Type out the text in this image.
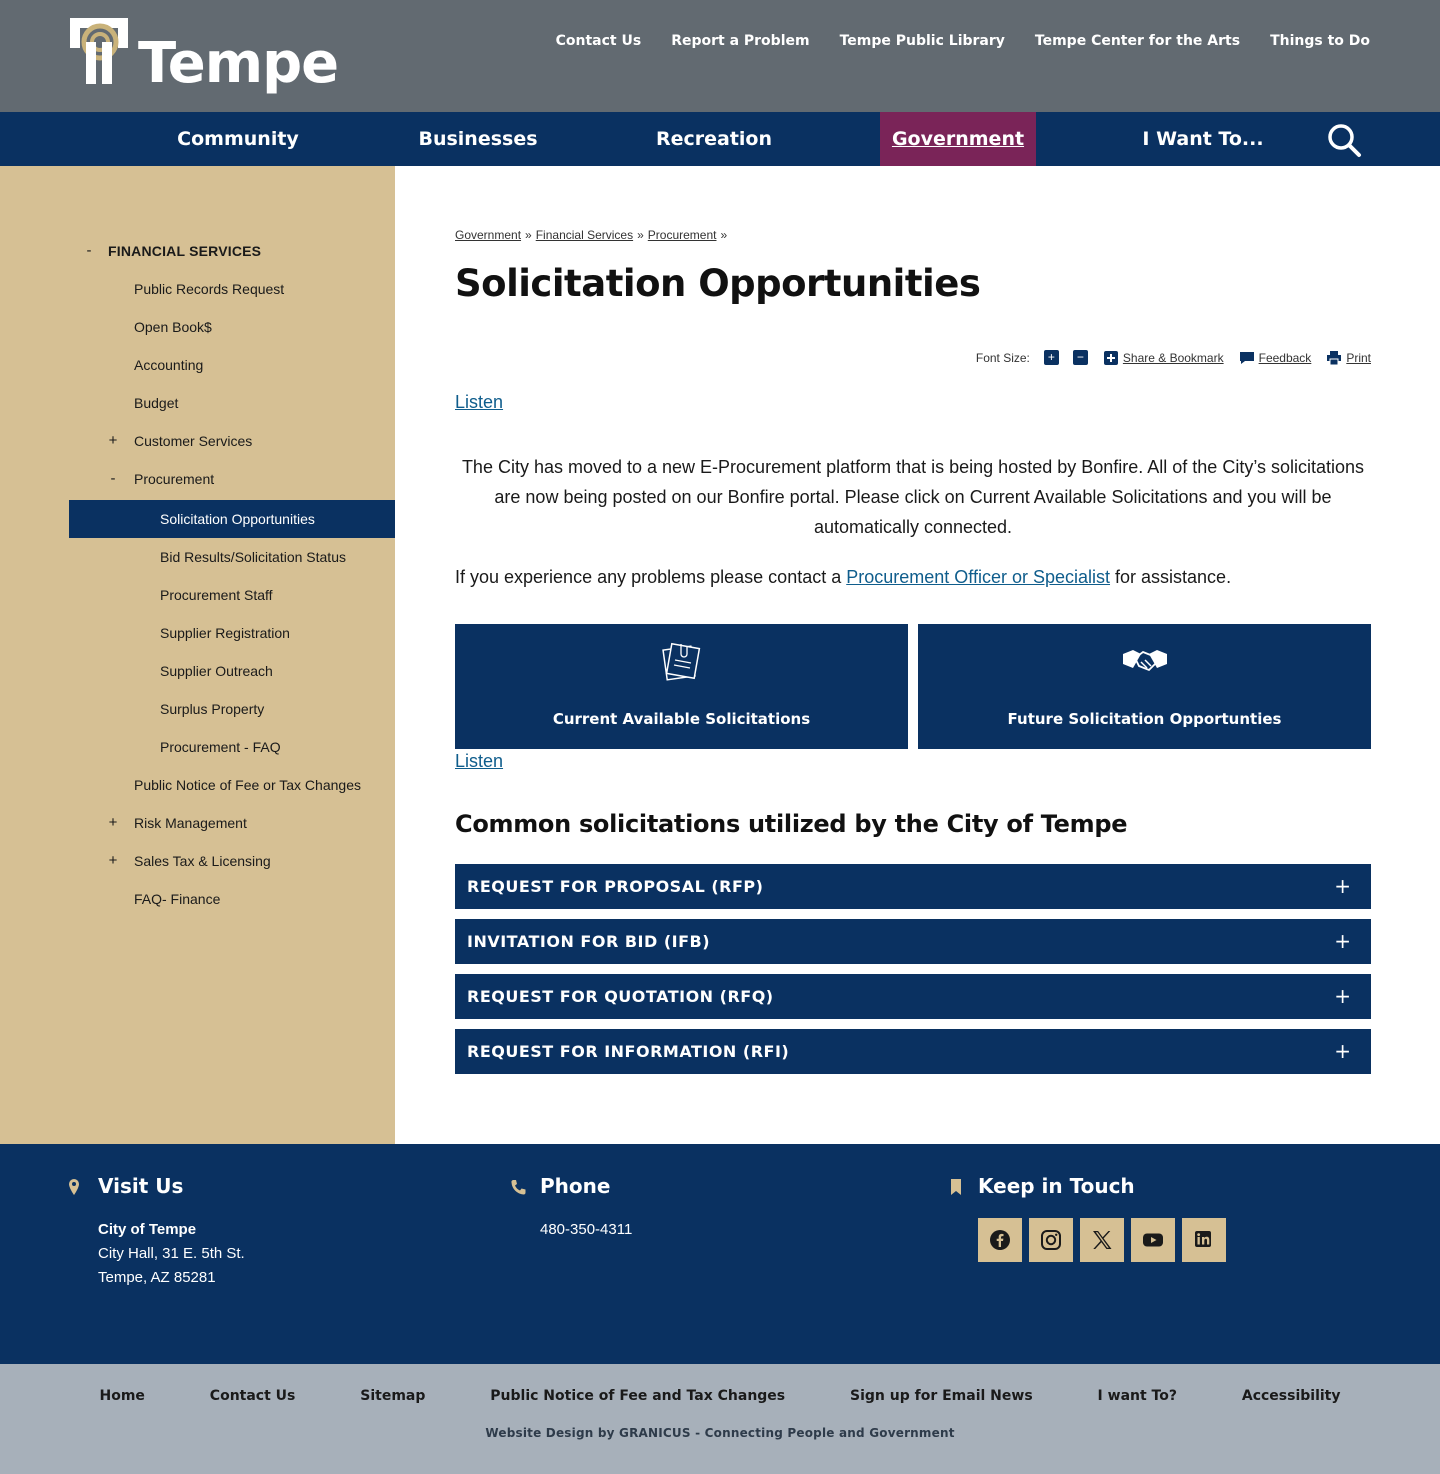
Tempe	Contact Us Report a Problem Tempe Public Library Tempe Center for the Arts Things to Do
Community	Businesses	Recreation	Government	I Want To...
-	FINANCIAL SERVICES
Public Records Request
Open Book$
Accounting
Budget
+ Customer Services
-	Procurement
Solicitation Opportunities
Bid Results/Solicitation Status
Procurement Staff
Supplier Registration
Supplier Outreach
Surplus Property
Procurement - FAQ
Public Notice of Fee or Tax Changes
+ Risk Management
+ Sales Tax & Licensing
FAQ- Finance
Government » Financial Services » Procurement »
Solicitation Opportunities
Font Size:	+	−	Share & Bookmark	Feedback	Print
Listen

The City has moved to a new E-Procurement platform that is being hosted by Bonfire. All of the City’s solicitations are now being posted on our Bonfire portal. Please click on Current Available Solicitations and you will be automatically connected.

If you experience any problems please contact a Procurement Officer or Specialist for assistance.

Current Available Solicitations	Future Solicitation Opportunties
Listen
Common solicitations utilized by the City of Tempe
REQUEST FOR PROPOSAL (RFP)	+
INVITATION FOR BID (IFB)	+
REQUEST FOR QUOTATION (RFQ)	+
REQUEST FOR INFORMATION (RFI)	+
Visit Us
City of Tempe
City Hall, 31 E. 5th St.
Tempe, AZ 85281
Phone
480-350-4311
Keep in Touch
Home	Contact Us	Sitemap	Public Notice of Fee and Tax Changes	Sign up for Email News	I want To?	Accessibility
Website Design by GRANICUS - Connecting People and Government
